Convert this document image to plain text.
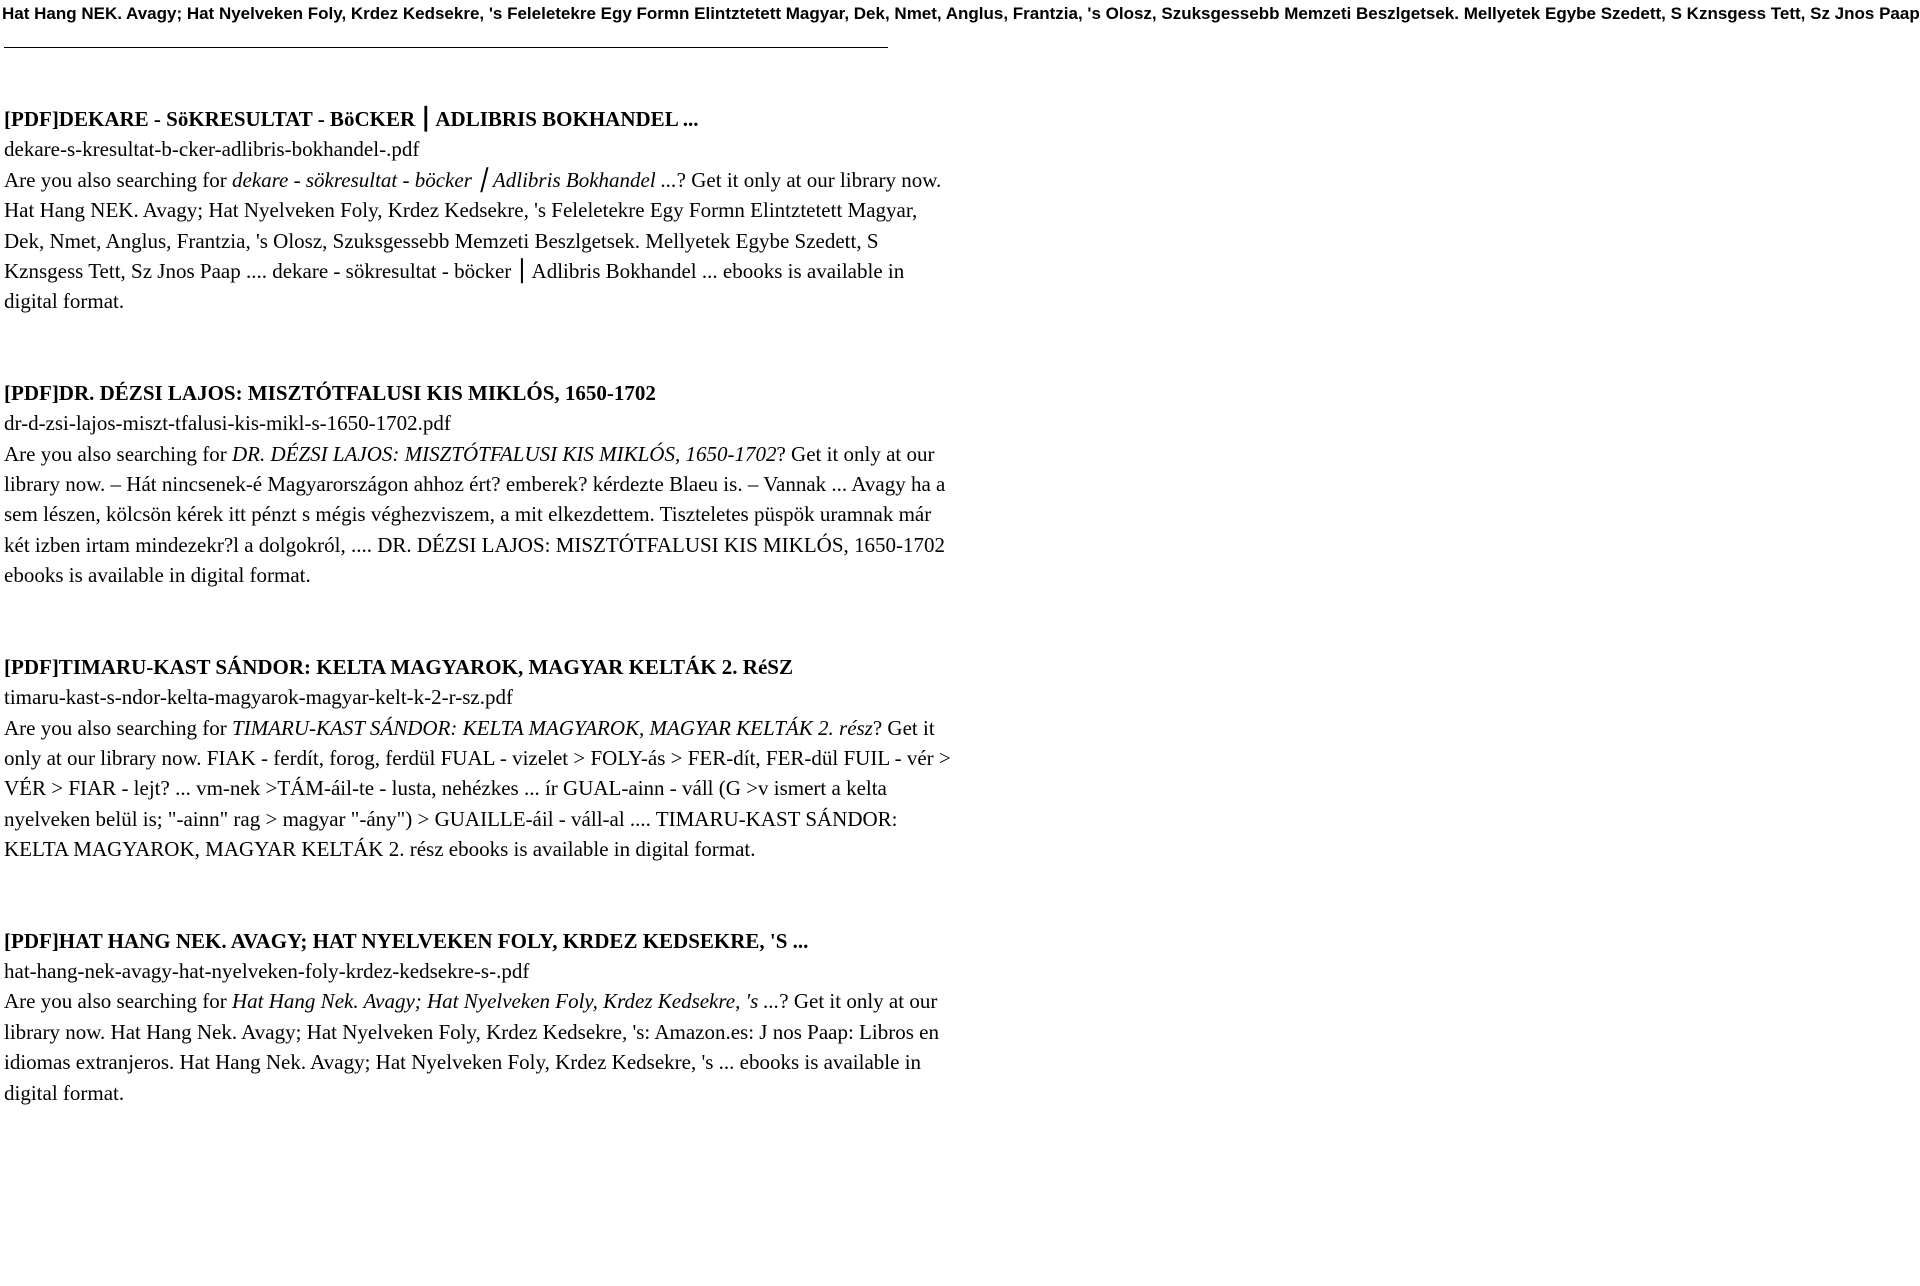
Hat Hang NEK. Avagy; Hat Nyelveken Foly, Krdez Kedsekre, 's Feleletekre Egy Formn Elintztetett Magyar, Dek, Nmet, Anglus, Frantzia, 's Olosz, Szuksgessebb Memzeti Beszlgetsek. Mellyetek Egybe Szedett, S Kznsgess Tett, Sz Jnos Paap
[PDF]DEKARE - SöKRESULTAT - BöCKER ⎮ ADLIBRIS BOKHANDEL ...
dekare-s-kresultat-b-cker-adlibris-bokhandel-.pdf
Are you also searching for dekare - sökresultat - böcker ⎮ Adlibris Bokhandel ...? Get it only at our library now. Hat Hang NEK. Avagy; Hat Nyelveken Foly, Krdez Kedsekre, 's Feleletekre Egy Formn Elintztetett Magyar, Dek, Nmet, Anglus, Frantzia, 's Olosz, Szuksgessebb Memzeti Beszlgetsek. Mellyetek Egybe Szedett, S Kznsgess Tett, Sz Jnos Paap .... dekare - sökresultat - böcker ⎮ Adlibris Bokhandel ... ebooks is available in digital format.
[PDF]DR. DÉZSI LAJOS: MISZTÓTFALUSI KIS MIKLÓS, 1650-1702
dr-d-zsi-lajos-miszt-tfalusi-kis-mikl-s-1650-1702.pdf
Are you also searching for DR. DÉZSI LAJOS: MISZTÓTFALUSI KIS MIKLÓS, 1650-1702? Get it only at our library now. – Hát nincsenek-é Magyarországon ahhoz ért? emberek? kérdezte Blaeu is. – Vannak ... Avagy ha a sem lészen, kölcsön kérek itt pénzt s mégis véghezviszem, a mit elkezdettem. Tiszteletes püspök uramnak már két izben irtam mindezekr?l a dolgokról, .... DR. DÉZSI LAJOS: MISZTÓTFALUSI KIS MIKLÓS, 1650-1702 ebooks is available in digital format.
[PDF]TIMARU-KAST SÁNDOR: KELTA MAGYAROK, MAGYAR KELTÁK 2. RéSZ
timaru-kast-s-ndor-kelta-magyarok-magyar-kelt-k-2-r-sz.pdf
Are you also searching for TIMARU-KAST SÁNDOR: KELTA MAGYAROK, MAGYAR KELTÁK 2. rész? Get it only at our library now. FIAK - ferdít, forog, ferdül FUAL - vizelet > FOLY-ás > FER-dít, FER-dül FUIL - vér > VÉR > FIAR - lejt? ... vm-nek >TÁM-áil-te - lusta, nehézkes ... ír GUAL-ainn - váll (G >v ismert a kelta nyelveken belül is; "-ainn" rag > magyar "-ány") > GUAILLE-áil - váll-al .... TIMARU-KAST SÁNDOR: KELTA MAGYAROK, MAGYAR KELTÁK 2. rész ebooks is available in digital format.
[PDF]HAT HANG NEK. AVAGY; HAT NYELVEKEN FOLY, KRDEZ KEDSEKRE, 'S ...
hat-hang-nek-avagy-hat-nyelveken-foly-krdez-kedsekre-s-.pdf
Are you also searching for Hat Hang Nek. Avagy; Hat Nyelveken Foly, Krdez Kedsekre, 's ...? Get it only at our library now. Hat Hang Nek. Avagy; Hat Nyelveken Foly, Krdez Kedsekre, 's: Amazon.es: J nos Paap: Libros en idiomas extranjeros. Hat Hang Nek. Avagy; Hat Nyelveken Foly, Krdez Kedsekre, 's ... ebooks is available in digital format.
